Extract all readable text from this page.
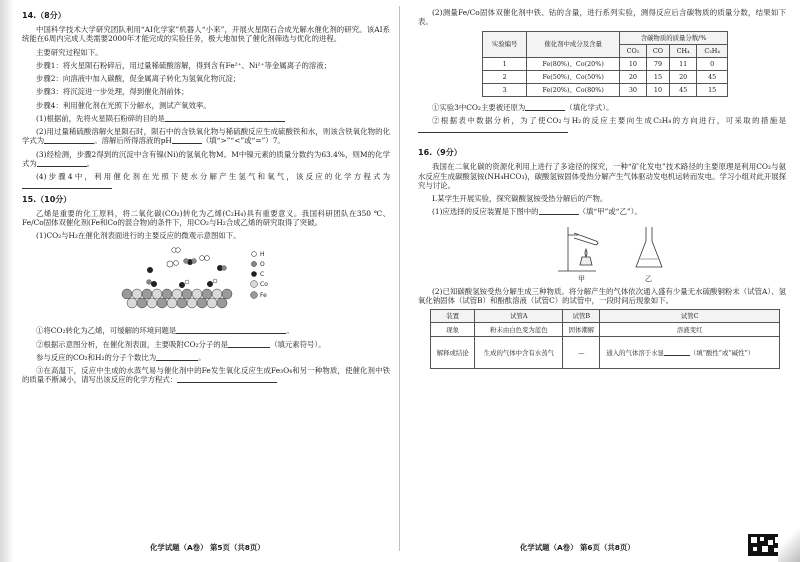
14.（8分）

中国科学技术大学研究团队利用“AI化学家”机器人“小来”，开展火星陨石合成光解水催化剂的研究。该AI系统能在6周内完成人类需要2000年才能完成的实验任务，极大地加快了催化剂筛选与优化的进程。

主要研究过程如下。

步骤1：将火星陨石粉碎后，用过量稀硫酸溶解，得到含有Fe²⁺、Ni²⁺等金属离子的溶液；

步骤2：向溶液中加入碳酸，促金属离子转化为氢氧化物沉淀；

步骤3：将沉淀进一步处理，得到催化剂前体；

步骤4：利用催化剂在光照下分解水，测试产氧效率。

(1)根据前，先将火星陨石粉碎的目的是

(2)用过量稀硫酸溶解火星陨石时，陨石中的含铁氧化物与稀硫酸反应生成硫酸铁和水，则该含铁氧化物的化学式为	。溶解后所得溶液的pH	（填“>”“<”或“=”）7。

(3)经检测，步骤2得到的沉淀中含有镍(Ni)的氢氧化物M。M中镍元素的质量分数约为63.4%，则M的化学式为	。

(4)步骤4中，利用催化剂在光照下使水分解产生氢气和氧气，该反应的化学方程式为

15.（10分）

乙烯是重要的化工原料，将二氧化碳(CO₂)转化为乙烯(C₂H₄)具有重要意义。我国科研团队在350 ℃、Fe/Co固体双催化剂(Fe和Co的混合物)的条件下，用CO₂与H₂合成乙烯的研究取得了突破。

(1)CO₂与H₂在催化剂表面进行的主要反应的微观示意图如下。

H
O
C
Co
Fe

①将CO₂转化为乙烯，可缓解的环境问题是	。

②根据示意图分析，在催化剂表面，主要吸附CO₂分子的是	（填元素符号）。

参与反应的CO₂和H₂的分子个数比为	。

③在高温下，反应中生成的水蒸气易与催化剂中的Fe发生氧化反应生成Fe₃O₄和另一种物质，使催化剂中铁的质量不断减小，请写出该反应的化学方程式：

化学试题（A卷） 第5页（共8页）

(2)测量Fe/Co固体双催化剂中铁、钴的含量，进行系列实验，测得反应后含碳物质的质量分数，结果如下表。

实验编号	催化剂中成分及含量	含碳物质的质量分数/%			
		CO₂	CO	CH₄	C₂H₄
1	Fe(80%)、Co(20%)	10	79	11	0
2	Fe(50%)、Co(50%)	20	15	20	45
3	Fe(20%)、Co(80%)	30	10	45	15

①实验3中CO₂主要被还原为	（填化学式）。

②根据表中数据分析，为了使CO₂与H₂的反应主要向生成C₂H₄的方向进行，可采取的措施是

16.（9分）

我国在二氧化碳的资源化利用上进行了多途径的探究，一种“矿化发电”技术路径的主要原理是利用CO₂与氨水反应生成碳酸氢铵(NH₄HCO₃)，碳酸氢铵固体受热分解产生气体驱动发电机运转而发电。学习小组对此开展探究与讨论。

Ⅰ.某学生开展实验，探究碳酸氢铵受热分解后的产物。

(1)应选择的反应装置是下图中的	（填“甲”或“乙”）。

甲	乙

(2)已知碳酸氢铵受热分解生成三种物质。将分解产生的气体依次通入盛有少量无水硫酸铜粉末（试管A）、氢氧化钠固体（试管B）和酚酞溶液（试管C）的试管中，一段时间后现象如下。

装置	试管A	试管B	试管C
现象	粉末由白色变为蓝色	固体潮解	溶液变红
解释或结论	生成的气体中含有水蒸气	—	通入的气体溶于水显 （填“酸性”或“碱性”）
化学试题（A卷） 第6页（共8页）
